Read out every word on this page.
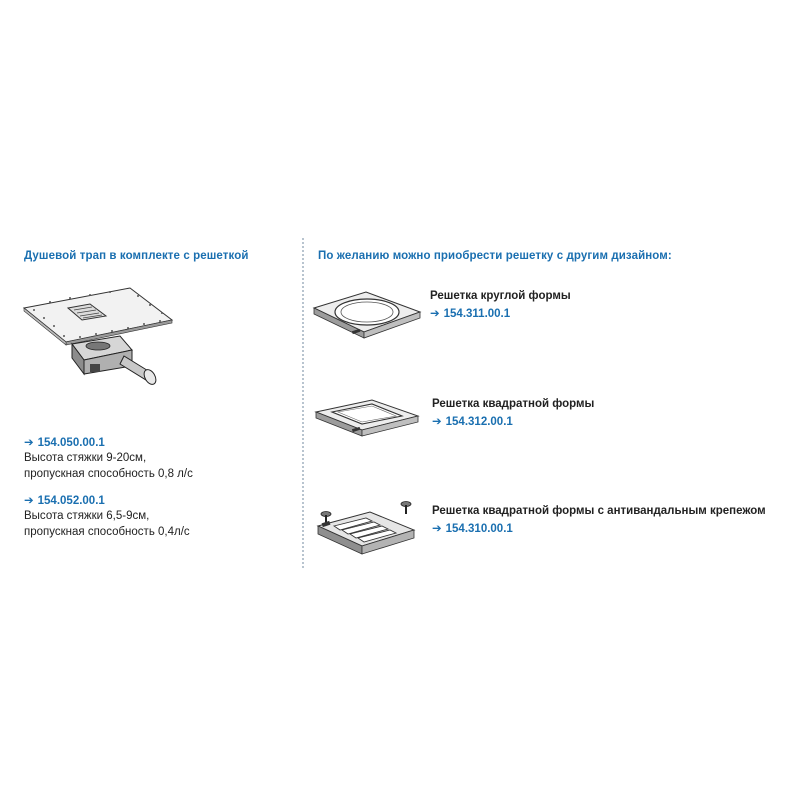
Душевой трап в комплекте с решеткой
➔ 154.050.00.1
Высота стяжки 9-20см,
пропускная способность 0,8 л/с
➔ 154.052.00.1
Высота стяжки 6,5-9см,
пропускная способность 0,4л/с
По желанию можно приобрести решетку с другим дизайном:
Решетка круглой формы
➔ 154.311.00.1
Решетка квадратной формы
➔ 154.312.00.1
Решетка квадратной формы с антивандальным крепежом
➔ 154.310.00.1
